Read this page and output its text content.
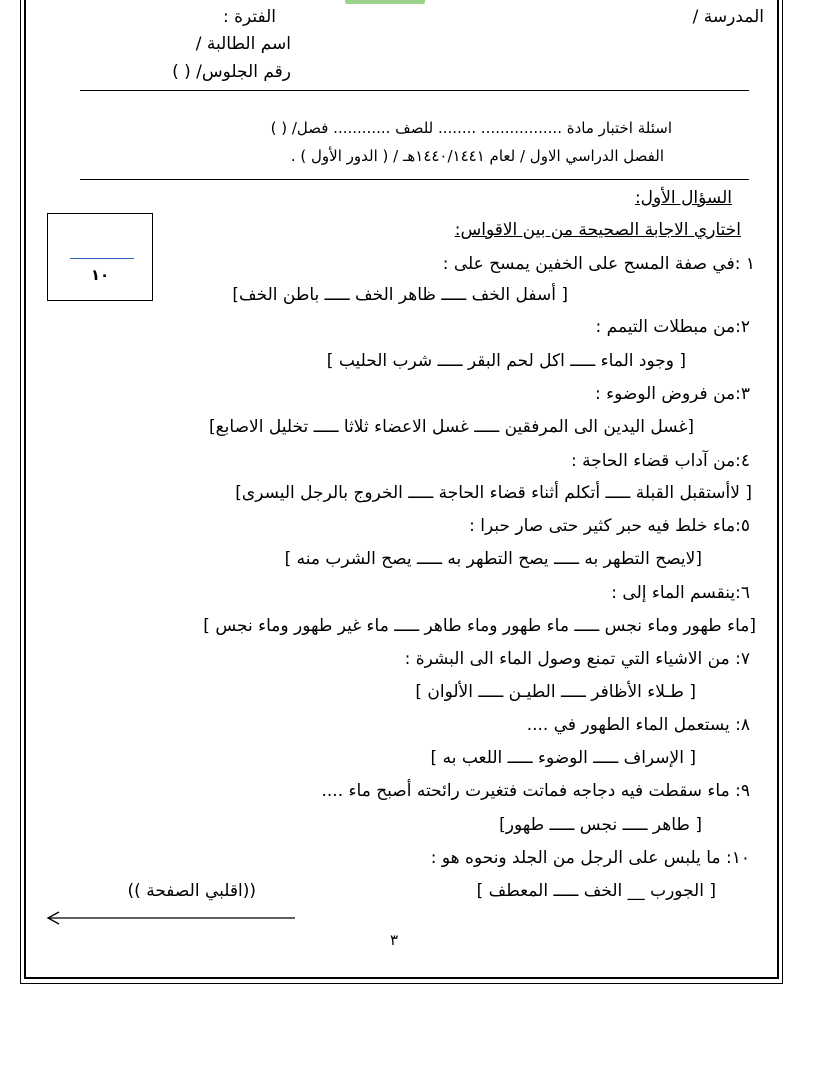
المدرسة /
الفترة :
اسم الطالبة /
رقم الجلوس/ ( )
اسئلة اختبار مادة ................. ........ للصف ............ فصل/ ( )
الفصل الدراسي الاول / لعام ١٤٤٠/١٤٤١هـ / ( الدور الأول ) .
السؤال الأول:
اختاري الاجابة الصحيحة من بين الاقواس:
١٠
١ :في صفة المسح على الخفين يمسح على :
[ أسفل الخف ـــــ ظاهر الخف ـــــ باطن الخف]
٢:من مبطلات التيمم :
[ وجود الماء ـــــ اكل لحم البقر ـــــ شرب الحليب ]
٣:من فروض الوضوء :
[غسل اليدين الى المرفقين ـــــ غسل الاعضاء ثلاثا ـــــ تخليل الاصابع]
٤:من آداب قضاء الحاجة :
[ لاأستقبل القبلة ـــــ أتكلم أثناء قضاء الحاجة ـــــ الخروج بالرجل اليسرى]
٥:ماء خلط فيه حبر كثير حتى صار حبرا :
[لايصح التطهر به ـــــ يصح التطهر به ـــــ يصح الشرب منه ]
٦:ينقسم الماء إلى :
[ماء طهور وماء نجس ـــــ ماء طهور وماء طاهر ـــــ ماء غير طهور وماء نجس ]
٧: من الاشياء التي تمنع وصول الماء الى البشرة :
[ طـلاء الأظافر ـــــ الطيـن ـــــ الألوان ]
٨: يستعمل الماء الطهور في ....
[ الإسراف ـــــ الوضوء ـــــ اللعب به ]
٩: ماء سقطت فيه دجاجه فماتت فتغيرت رائحته أصبح ماء ....
[ طاهر ـــــ نجس ـــــ طهور]
١٠: ما يلبس على الرجل من الجلد ونحوه هو :
[ الجورب __ الخف ـــــ المعطف ]
((اقلبي الصفحة ))
٣
